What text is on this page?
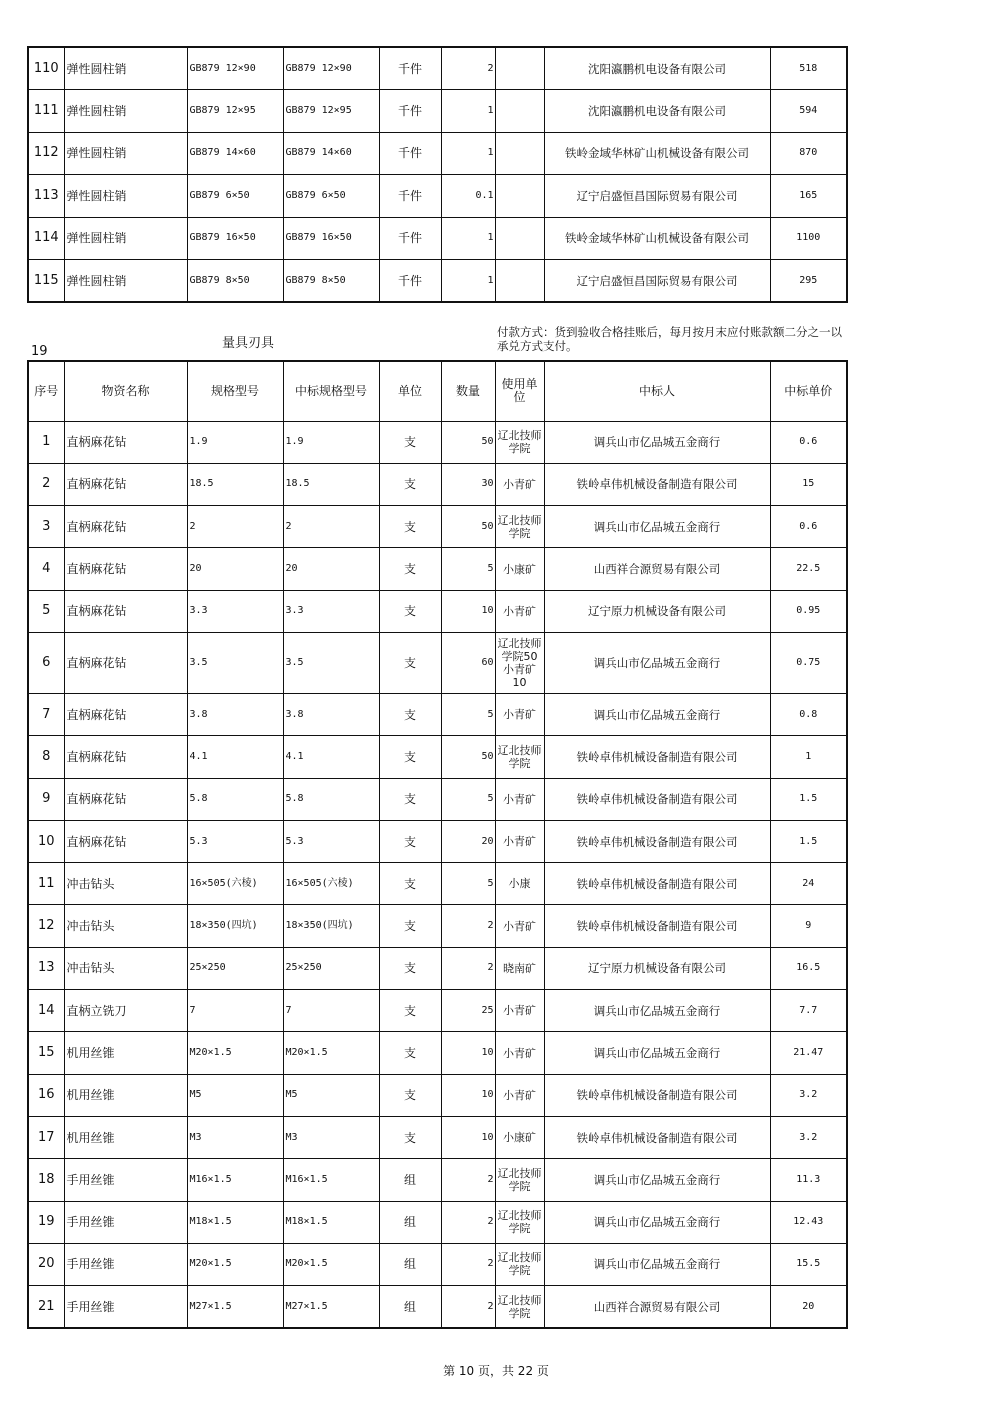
110	弹性圆柱销	GB879 12×90	GB879 12×90	千件	2		沈阳瀛鹏机电设备有限公司	518
111	弹性圆柱销	GB879 12×95	GB879 12×95	千件	1		沈阳瀛鹏机电设备有限公司	594
112	弹性圆柱销	GB879 14×60	GB879 14×60	千件	1		铁岭金域华林矿山机械设备有限公司	870
113	弹性圆柱销	GB879 6×50	GB879 6×50	千件	0.1		辽宁启盛恒昌国际贸易有限公司	165
114	弹性圆柱销	GB879 16×50	GB879 16×50	千件	1		铁岭金域华林矿山机械设备有限公司	1100
115	弹性圆柱销	GB879 8×50	GB879 8×50	千件	1		辽宁启盛恒昌国际贸易有限公司	295
19
量具刃具
付款方式：货到验收合格挂账后，每月按月末应付账款额二分之一以承兑方式支付。
序号	物资名称	规格型号	中标规格型号	单位	数量	使用单位	中标人	中标单价
1	直柄麻花钻	1.9	1.9	支	50	辽北技师学院	调兵山市亿品城五金商行	0.6
2	直柄麻花钻	18.5	18.5	支	30	小青矿	铁岭卓伟机械设备制造有限公司	15
3	直柄麻花钻	2	2	支	50	辽北技师学院	调兵山市亿品城五金商行	0.6
4	直柄麻花钻	20	20	支	5	小康矿	山西祥合源贸易有限公司	22.5
5	直柄麻花钻	3.3	3.3	支	10	小青矿	辽宁原力机械设备有限公司	0.95
6	直柄麻花钻	3.5	3.5	支	60	辽北技师学院50小青矿10	调兵山市亿品城五金商行	0.75
7	直柄麻花钻	3.8	3.8	支	5	小青矿	调兵山市亿品城五金商行	0.8
8	直柄麻花钻	4.1	4.1	支	50	辽北技师学院	铁岭卓伟机械设备制造有限公司	1
9	直柄麻花钻	5.8	5.8	支	5	小青矿	铁岭卓伟机械设备制造有限公司	1.5
10	直柄麻花钻	5.3	5.3	支	20	小青矿	铁岭卓伟机械设备制造有限公司	1.5
11	冲击钻头	16×505(六棱)	16×505(六棱)	支	5	小康	铁岭卓伟机械设备制造有限公司	24
12	冲击钻头	18×350(四坑)	18×350(四坑)	支	2	小青矿	铁岭卓伟机械设备制造有限公司	9
13	冲击钻头	25×250	25×250	支	2	晓南矿	辽宁原力机械设备有限公司	16.5
14	直柄立铣刀	7	7	支	25	小青矿	调兵山市亿品城五金商行	7.7
15	机用丝锥	M20×1.5	M20×1.5	支	10	小青矿	调兵山市亿品城五金商行	21.47
16	机用丝锥	M5	M5	支	10	小青矿	铁岭卓伟机械设备制造有限公司	3.2
17	机用丝锥	M3	M3	支	10	小康矿	铁岭卓伟机械设备制造有限公司	3.2
18	手用丝锥	M16×1.5	M16×1.5	组	2	辽北技师学院	调兵山市亿品城五金商行	11.3
19	手用丝锥	M18×1.5	M18×1.5	组	2	辽北技师学院	调兵山市亿品城五金商行	12.43
20	手用丝锥	M20×1.5	M20×1.5	组	2	辽北技师学院	调兵山市亿品城五金商行	15.5
21	手用丝锥	M27×1.5	M27×1.5	组	2	辽北技师学院	山西祥合源贸易有限公司	20
第 10 页，共 22 页
